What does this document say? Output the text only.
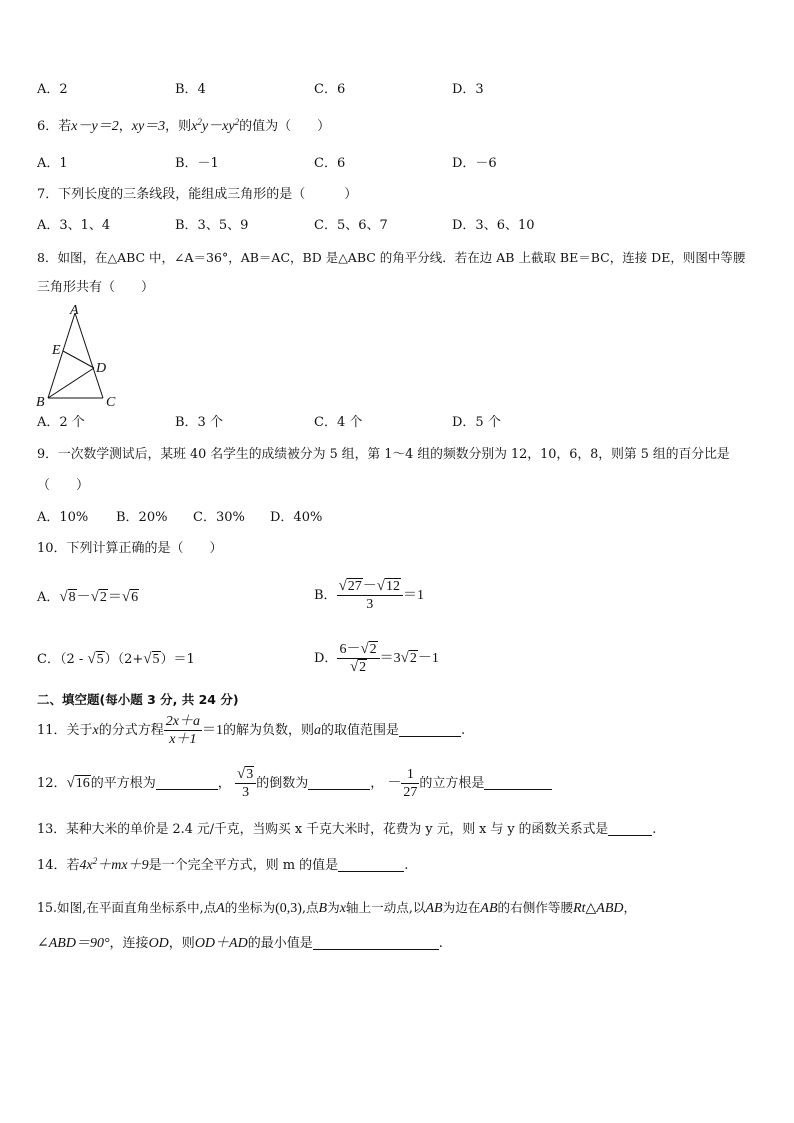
A．2	B．4	C．6	D．3
6．若x－y＝2，xy＝3，则$x^2y-xy^2$的值为（　　）
A．1	B．－1	C．6	D．－6
7．下列长度的三条线段，能组成三角形的是（　　　）
A．3、1、4	B．3、5、9	C．5、6、7	D．3、6、10
8．如图，在△ABC 中，∠A＝36°，AB＝AC，BD 是△ABC 的角平分线．若在边 AB 上截取 BE＝BC，连接 DE，则图中等腰
三角形共有（　　）
A
B	C
D
E
A．2 个	B．3 个	C．4 个	D．5 个
9．一次数学测试后，某班 40 名学生的成绩被分为 5 组，第 1～4 组的频数分别为 12，10，6，8，则第 5 组的百分比是
（　　）
A．10% B．20% C．30% D．40%
10．下列计算正确的是（　　）
A．√8－√2＝√6	B． $\frac{√27-√12}{3} =1$
C．（2 - √5）（2+√5）＝1	D． $\frac{6-√2}{√2} =3√2-1$
二、填空题(每小题 3 分, 共 24 分)
11．关于x的分式方程 $\frac{2x+a}{x+1} =1$的解为负数，则a的取值范围是	.
12．√16的平方根为	， $\frac{√3}{3}$ 的倒数为	， － $\frac{1}{27}$ 的立方根是
13．某种大米的单价是 2.4 元/千克，当购买 x 千克大米时，花费为 y 元，则 x 与 y 的函数关系式是	.
14．若$4x^2+mx+9$是一个完全平方式，则 m 的值是	.
15.如图,在平面直角坐标系中,点A的坐标为(0,3),点B为x轴上一动点,以AB为边在AB的右侧作等腰Rt△ABD，
∠ABD＝90°，连接OD，则OD＋AD的最小值是	.
